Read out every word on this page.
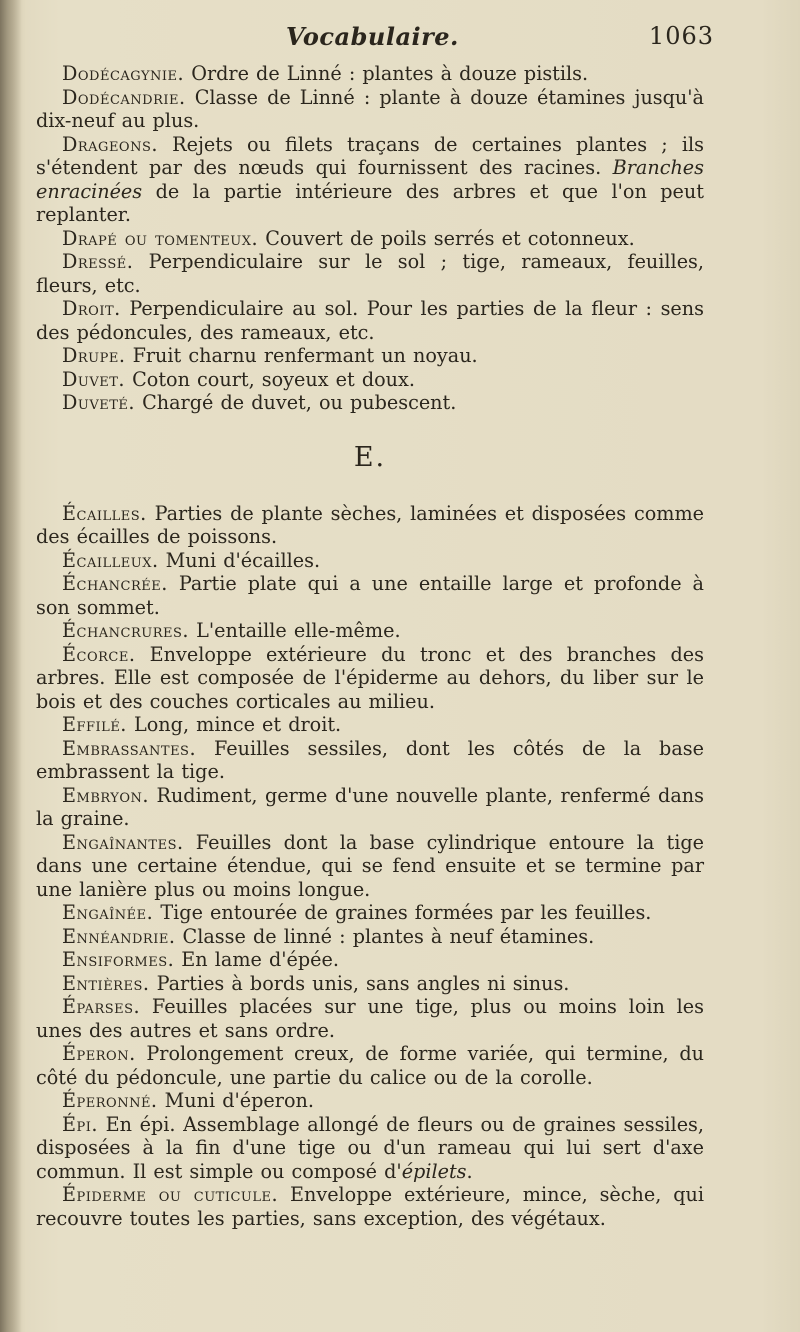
Vocabulaire.	1063

Dodécagynie. Ordre de Linné : plantes à douze pistils.

Dodécandrie. Classe de Linné : plante à douze étamines jusqu'à dix-neuf au plus.

Drageons. Rejets ou filets traçans de certaines plantes ; ils s'étendent par des nœuds qui fournissent des racines. Branches enracinées de la partie intérieure des arbres et que l'on peut replanter.

Drapé ou tomenteux. Couvert de poils serrés et cotonneux.

Dressé. Perpendiculaire sur le sol ; tige, rameaux, feuilles, fleurs, etc.

Droit. Perpendiculaire au sol. Pour les parties de la fleur : sens des pédoncules, des rameaux, etc.

Drupe. Fruit charnu renfermant un noyau.

Duvet. Coton court, soyeux et doux.

Duveté. Chargé de duvet, ou pubescent.

E.

Écailles. Parties de plante sèches, laminées et disposées comme des écailles de poissons.

Écailleux. Muni d'écailles.

Échancrée. Partie plate qui a une entaille large et profonde à son sommet.

Échancrures. L'entaille elle-même.

Écorce. Enveloppe extérieure du tronc et des branches des arbres. Elle est composée de l'épiderme au dehors, du liber sur le bois et des couches corticales au milieu.

Effilé. Long, mince et droit.

Embrassantes. Feuilles sessiles, dont les côtés de la base embrassent la tige.

Embryon. Rudiment, germe d'une nouvelle plante, renfermé dans la graine.

Engaînantes. Feuilles dont la base cylindrique entoure la tige dans une certaine étendue, qui se fend ensuite et se termine par une lanière plus ou moins longue.

Engaînée. Tige entourée de graines formées par les feuilles.

Ennéandrie. Classe de linné : plantes à neuf étamines.

Ensiformes. En lame d'épée.

Entières. Parties à bords unis, sans angles ni sinus.

Éparses. Feuilles placées sur une tige, plus ou moins loin les unes des autres et sans ordre.

Éperon. Prolongement creux, de forme variée, qui termine, du côté du pédoncule, une partie du calice ou de la corolle.

Éperonné. Muni d'éperon.

Épi. En épi. Assemblage allongé de fleurs ou de graines sessiles, disposées à la fin d'une tige ou d'un rameau qui lui sert d'axe commun. Il est simple ou composé d'épilets.

Épiderme ou cuticule. Enveloppe extérieure, mince, sèche, qui recouvre toutes les parties, sans exception, des végétaux.
